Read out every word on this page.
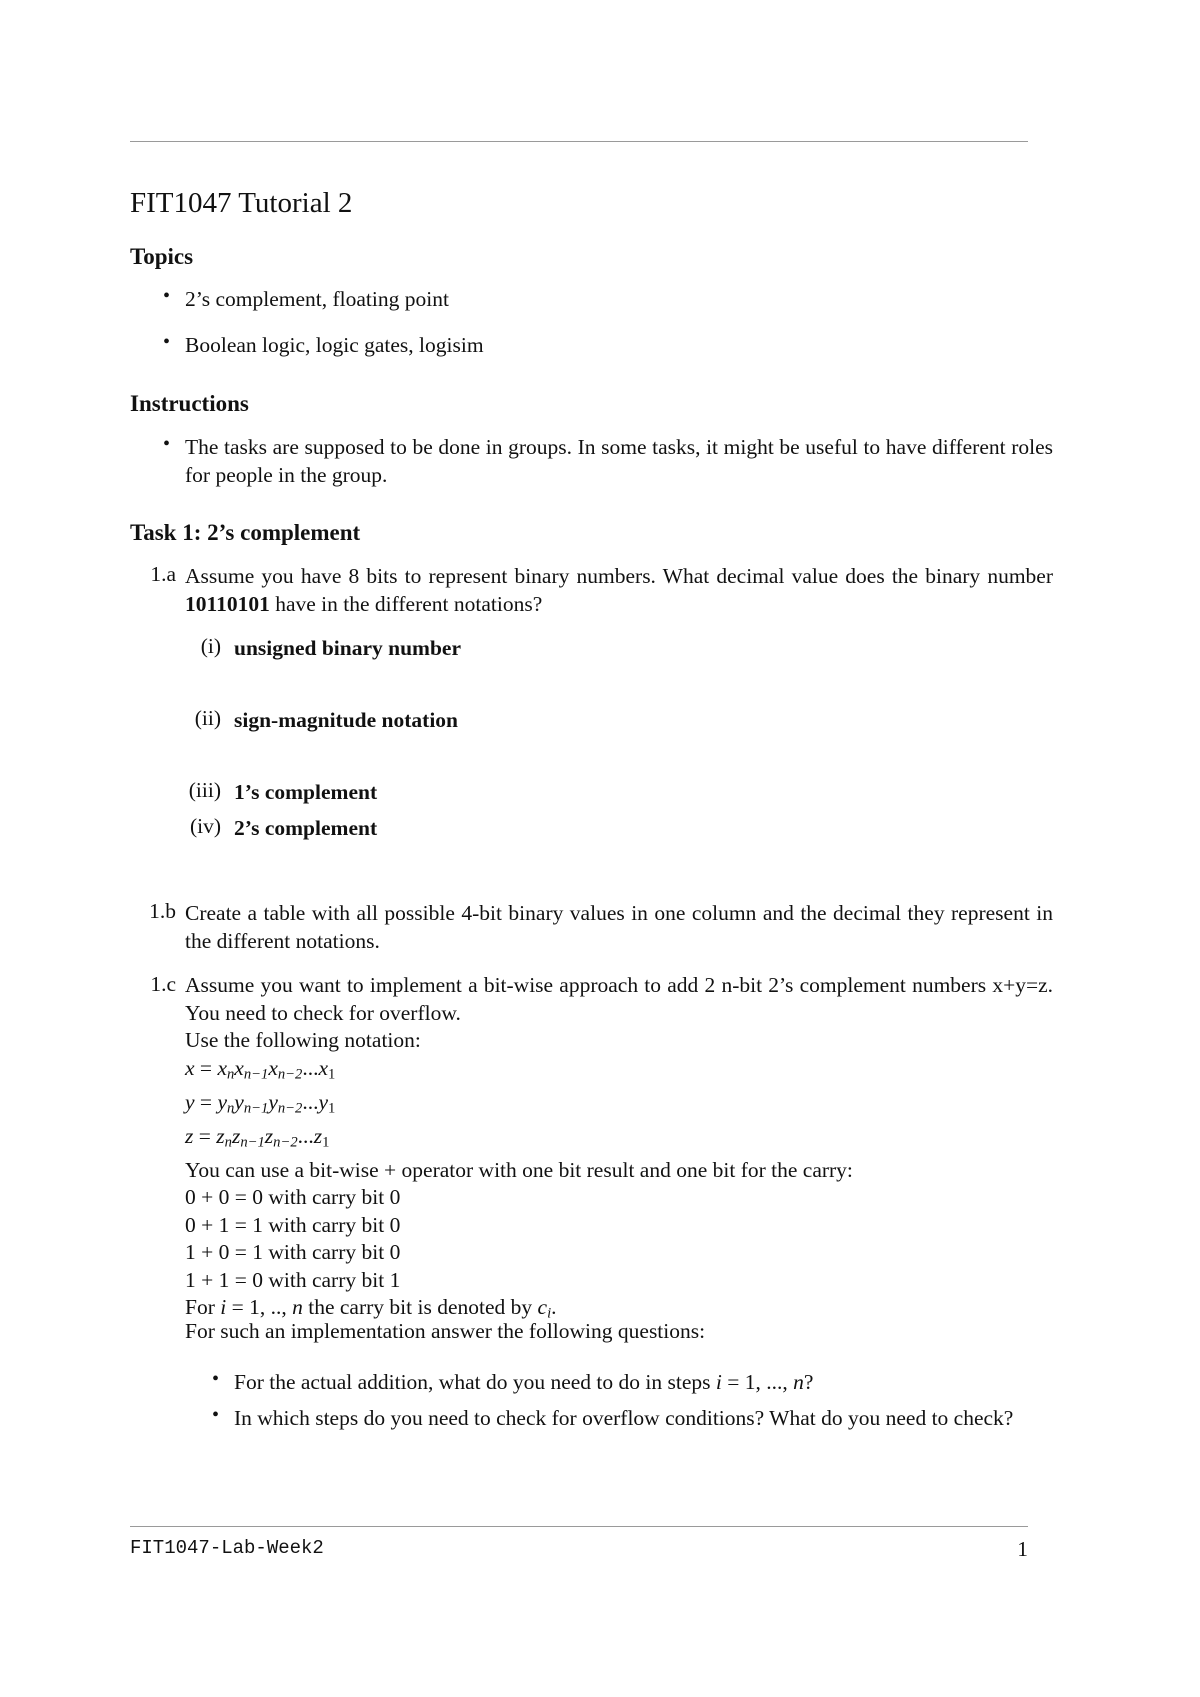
FIT1047 Tutorial 2
Topics
• 2’s complement, floating point
• Boolean logic, logic gates, logisim
Instructions
• The tasks are supposed to be done in groups. In some tasks, it might be useful to have different roles for people in the group.
Task 1: 2’s complement
1.a Assume you have 8 bits to represent binary numbers. What decimal value does the binary number 10110101 have in the different notations?
(i) unsigned binary number
(ii) sign-magnitude notation
(iii) 1’s complement
(iv) 2’s complement
1.b Create a table with all possible 4-bit binary values in one column and the decimal they represent in the different notations.
1.c Assume you want to implement a bit-wise approach to add 2 n-bit 2’s complement numbers x+y=z. You need to check for overflow.
Use the following notation:
$x = x_nx_{n-1}x_{n-2}...x_1$
$y = y_ny_{n-1}y_{n-2}...y_1$
$z = z_nz_{n-1}z_{n-2}...z_1$
You can use a bit-wise + operator with one bit result and one bit for the carry:
0 + 0 = 0 with carry bit 0
0 + 1 = 1 with carry bit 0
1 + 0 = 1 with carry bit 0
1 + 1 = 0 with carry bit 1
For i = 1, .., n the carry bit is denoted by $c_i$.
For such an implementation answer the following questions:
• For the actual addition, what do you need to do in steps i = 1, ..., n?
• In which steps do you need to check for overflow conditions? What do you need to check?
FIT1047-Lab-Week2	1
